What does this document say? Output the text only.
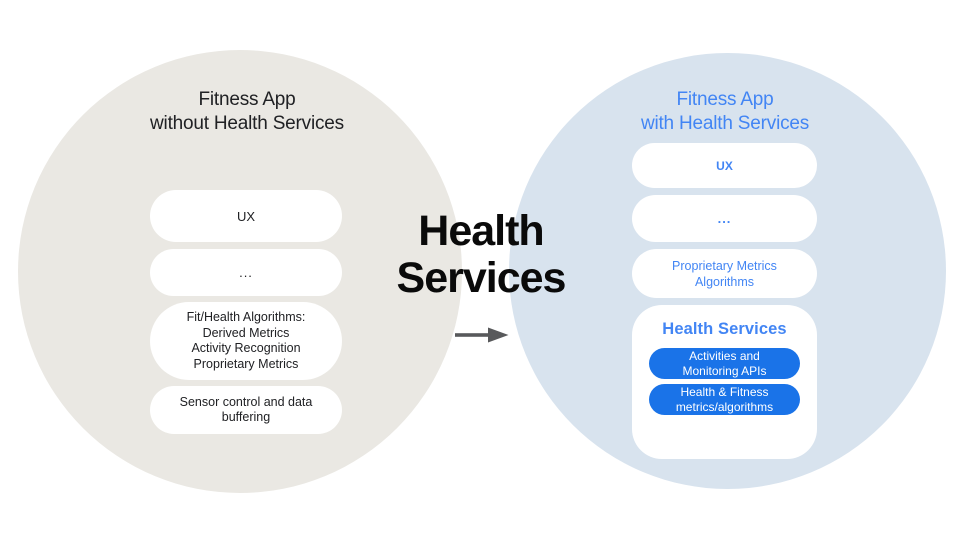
Fitness App
without Health Services
UX
...
Fit/Health Algorithms:
Derived Metrics
Activity Recognition
Proprietary Metrics
Sensor control and data
buffering
Health
Services
Fitness App
with Health Services
UX
...
Proprietary Metrics
Algorithms
Health Services
Activities and
Monitoring APIs
Health & Fitness
metrics/algorithms
